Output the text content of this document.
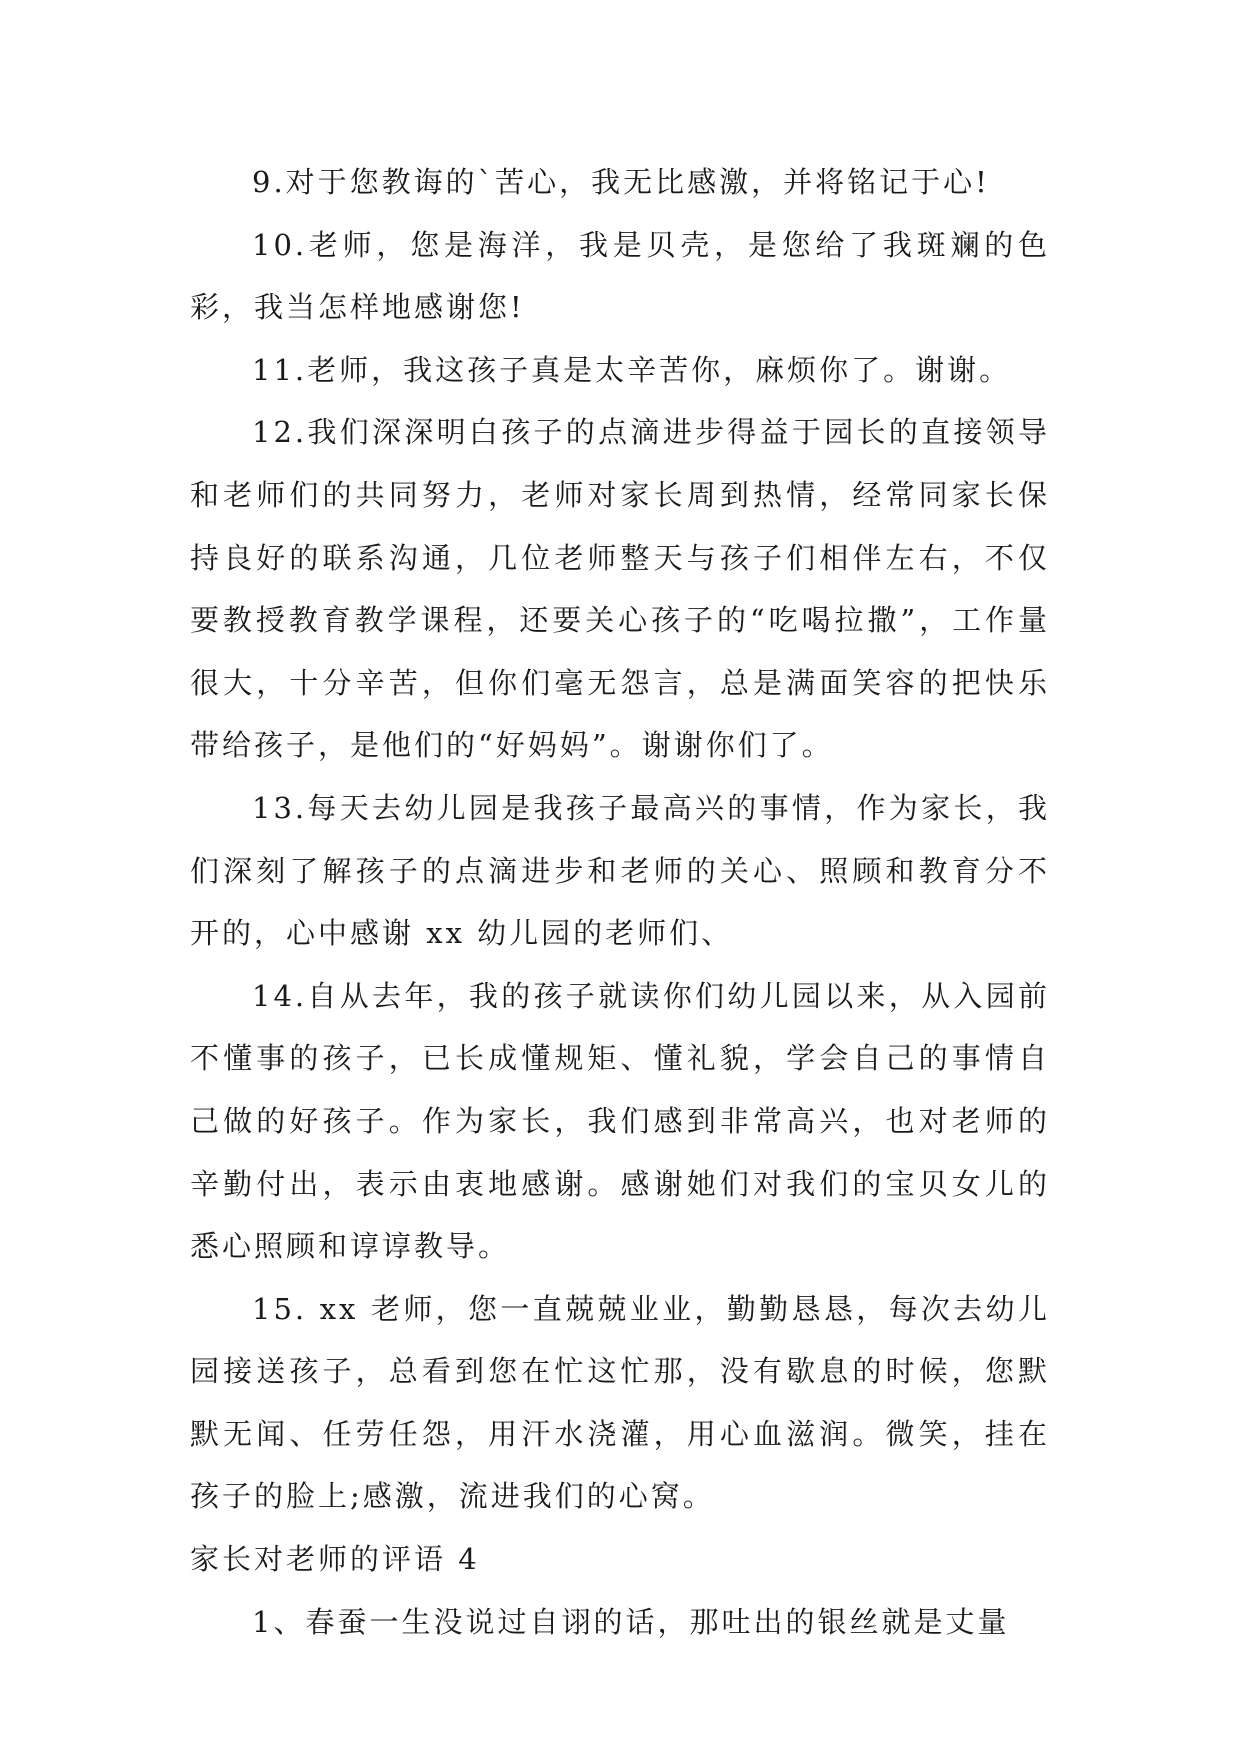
9.对于您教诲的`苦心，我无比感激，并将铭记于心!

10.老师，您是海洋，我是贝壳，是您给了我斑斓的色彩，我当怎样地感谢您!

11.老师，我这孩子真是太辛苦你，麻烦你了。谢谢。

12.我们深深明白孩子的点滴进步得益于园长的直接领导和老师们的共同努力，老师对家长周到热情，经常同家长保持良好的联系沟通，几位老师整天与孩子们相伴左右，不仅要教授教育教学课程，还要关心孩子的“吃喝拉撒”，工作量很大，十分辛苦，但你们毫无怨言，总是满面笑容的把快乐带给孩子，是他们的“好妈妈”。谢谢你们了。

13.每天去幼儿园是我孩子最高兴的事情，作为家长，我们深刻了解孩子的点滴进步和老师的关心、照顾和教育分不开的，心中感谢 xx 幼儿园的老师们、

14.自从去年，我的孩子就读你们幼儿园以来，从入园前不懂事的孩子，已长成懂规矩、懂礼貌，学会自己的事情自己做的好孩子。作为家长，我们感到非常高兴，也对老师的辛勤付出，表示由衷地感谢。感谢她们对我们的宝贝女儿的悉心照顾和谆谆教导。

15. xx 老师，您一直兢兢业业，勤勤恳恳，每次去幼儿园接送孩子，总看到您在忙这忙那，没有歇息的时候，您默默无闻、任劳任怨，用汗水浇灌，用心血滋润。微笑，挂在孩子的脸上;感激，流进我们的心窝。

家长对老师的评语 4

1、春蚕一生没说过自诩的话，那吐出的银丝就是丈量
